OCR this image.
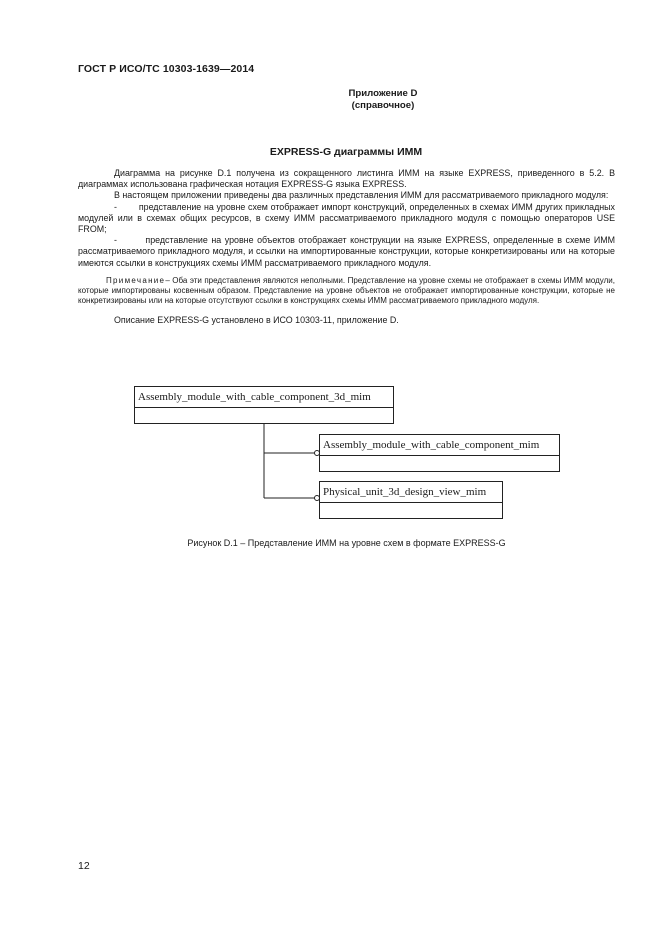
ГОСТ Р ИСО/ТС 10303-1639—2014
Приложение D
(справочное)
EXPRESS-G диаграммы ИММ

Диаграмма на рисунке D.1 получена из сокращенного листинга ИММ на языке EXPRESS, приведенного в 5.2. В диаграммах использована графическая нотация EXPRESS-G языка EXPRESS.

В настоящем приложении приведены два различных представления ИММ для рассматриваемого прикладного модуля:

- представление на уровне схем отображает импорт конструкций, определенных в схемах ИММ других прикладных модулей или в схемах общих ресурсов, в схему ИММ рассматриваемого прикладного модуля с помощью операторов USE FROM;

-	представление на уровне объектов отображает конструкции на языке EXPRESS, определенные в схеме ИММ рассматриваемого прикладного модуля, и ссылки на импортированные конструкции, которые конкретизированы или на которые имеются ссылки в конструкциях схемы ИММ рассматриваемого прикладного модуля.

Примечание– Оба эти представления являются неполными. Представление на уровне схемы не отображает в схемы ИММ модули, которые импортированы косвенным образом. Представление на уровне объектов не отображает импортированные конструкции, которые не конкретизированы или на которые отсутствуют ссылки в конструкциях схемы ИММ рассматриваемого прикладного модуля.

Описание EXPRESS-G установлено в ИСО 10303-11, приложение D.

Assembly_module_with_cable_component_3d_mim
Assembly_module_with_cable_component_mim
Physical_unit_3d_design_view_mim
Рисунок D.1 – Представление ИММ на уровне схем в формате EXPRESS-G
12
